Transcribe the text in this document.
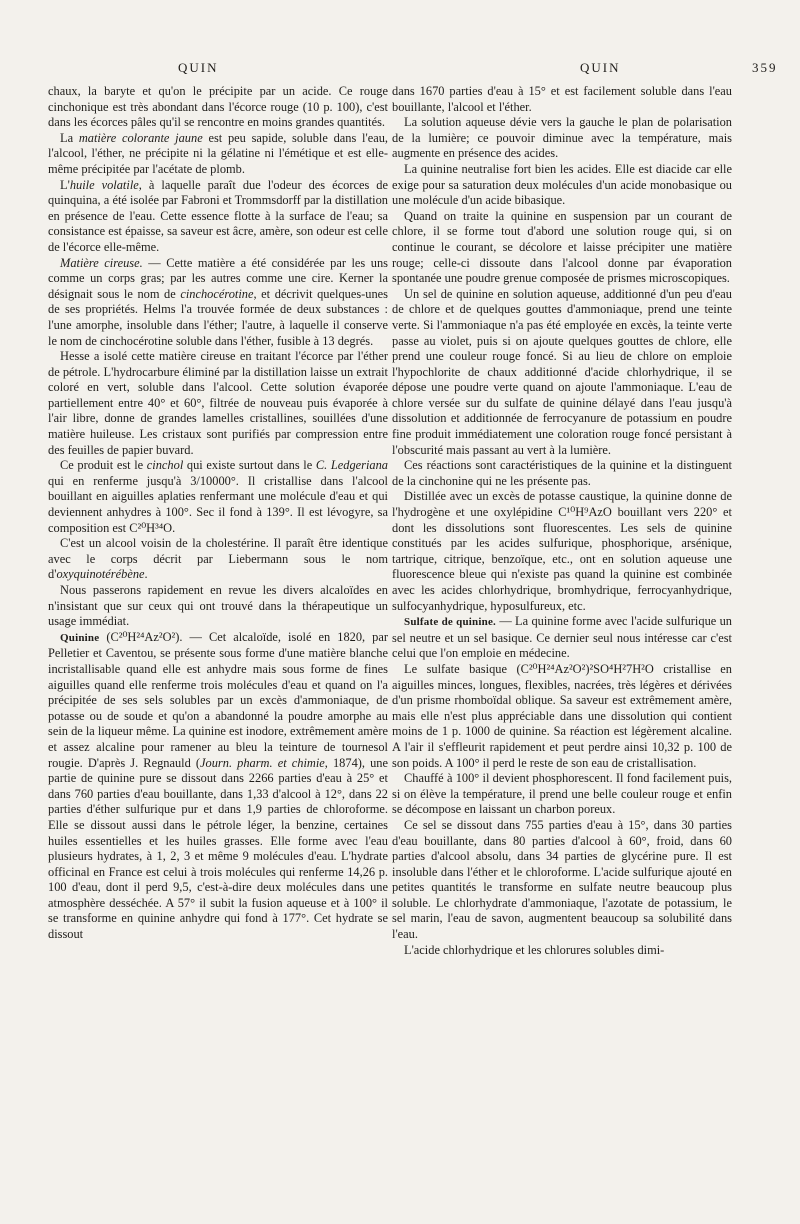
QUIN	QUIN	359

chaux, la baryte et qu'on le précipite par un acide. Ce rouge cinchonique est très abondant dans l'écorce rouge (10 p. 100), c'est dans les écorces pâles qu'il se rencontre en moins grandes quantités.

La matière colorante jaune est peu sapide, soluble dans l'eau, l'alcool, l'éther, ne précipite ni la gélatine ni l'émétique et est elle-même précipitée par l'acétate de plomb.

L'huile volatile, à laquelle paraît due l'odeur des écorces de quinquina, a été isolée par Fabroni et Trommsdorff par la distillation en présence de l'eau. Cette essence flotte à la surface de l'eau; sa consistance est épaisse, sa saveur est âcre, amère, son odeur est celle de l'écorce elle-même.

Matière cireuse. — Cette matière a été considérée par les uns comme un corps gras; par les autres comme une cire. Kerner la désignait sous le nom de cinchocérotine, et décrivit quelques-unes de ses propriétés. Helms l'a trouvée formée de deux substances : l'une amorphe, insoluble dans l'éther; l'autre, à laquelle il conserve le nom de cinchocérotine soluble dans l'éther, fusible à 13 degrés.

Hesse a isolé cette matière cireuse en traitant l'écorce par l'éther de pétrole. L'hydrocarbure éliminé par la distillation laisse un extrait coloré en vert, soluble dans l'alcool. Cette solution évaporée partiellement entre 40° et 60°, filtrée de nouveau puis évaporée à l'air libre, donne de grandes lamelles cristallines, souillées d'une matière huileuse. Les cristaux sont purifiés par compression entre des feuilles de papier buvard.

Ce produit est le cinchol qui existe surtout dans le C. Ledgeriana qui en renferme jusqu'à 3/10000°. Il cristallise dans l'alcool bouillant en aiguilles aplaties renfermant une molécule d'eau et qui deviennent anhydres à 100°. Sec il fond à 139°. Il est lévogyre, sa composition est C²⁰H³⁴O.

C'est un alcool voisin de la cholestérine. Il paraît être identique avec le corps décrit par Liebermann sous le nom d'oxyquinotérébène.

Nous passerons rapidement en revue les divers alcaloïdes en n'insistant que sur ceux qui ont trouvé dans la thérapeutique un usage immédiat.

Quinine (C²⁰H²⁴Az²O²). — Cet alcaloïde, isolé en 1820, par Pelletier et Caventou, se présente sous forme d'une matière blanche incristallisable quand elle est anhydre mais sous forme de fines aiguilles quand elle renferme trois molécules d'eau et quand on l'a précipitée de ses sels solubles par un excès d'ammoniaque, de potasse ou de soude et qu'on a abandonné la poudre amorphe au sein de la liqueur même. La quinine est inodore, extrêmement amère et assez alcaline pour ramener au bleu la teinture de tournesol rougie. D'après J. Regnauld (Journ. pharm. et chimie, 1874), une partie de quinine pure se dissout dans 2266 parties d'eau à 25° et dans 760 parties d'eau bouillante, dans 1,33 d'alcool à 12°, dans 22 parties d'éther sulfurique pur et dans 1,9 parties de chloroforme. Elle se dissout aussi dans le pétrole léger, la benzine, certaines huiles essentielles et les huiles grasses. Elle forme avec l'eau plusieurs hydrates, à 1, 2, 3 et même 9 molécules d'eau. L'hydrate officinal en France est celui à trois molécules qui renferme 14,26 p. 100 d'eau, dont il perd 9,5, c'est-à-dire deux molécules dans une atmosphère desséchée. A 57° il subit la fusion aqueuse et à 100° il se transforme en quinine anhydre qui fond à 177°. Cet hydrate se dissout

dans 1670 parties d'eau à 15° et est facilement soluble dans l'eau bouillante, l'alcool et l'éther.

La solution aqueuse dévie vers la gauche le plan de polarisation de la lumière; ce pouvoir diminue avec la température, mais augmente en présence des acides.

La quinine neutralise fort bien les acides. Elle est diacide car elle exige pour sa saturation deux molécules d'un acide monobasique ou une molécule d'un acide bibasique.

Quand on traite la quinine en suspension par un courant de chlore, il se forme tout d'abord une solution rouge qui, si on continue le courant, se décolore et laisse précipiter une matière rouge; celle-ci dissoute dans l'alcool donne par évaporation spontanée une poudre grenue composée de prismes microscopiques.

Un sel de quinine en solution aqueuse, additionné d'un peu d'eau de chlore et de quelques gouttes d'ammoniaque, prend une teinte verte. Si l'ammoniaque n'a pas été employée en excès, la teinte verte passe au violet, puis si on ajoute quelques gouttes de chlore, elle prend une couleur rouge foncé. Si au lieu de chlore on emploie l'hypochlorite de chaux additionné d'acide chlorhydrique, il se dépose une poudre verte quand on ajoute l'ammoniaque. L'eau de chlore versée sur du sulfate de quinine délayé dans l'eau jusqu'à dissolution et additionnée de ferrocyanure de potassium en poudre fine produit immédiatement une coloration rouge foncé persistant à l'obscurité mais passant au vert à la lumière.

Ces réactions sont caractéristiques de la quinine et la distinguent de la cinchonine qui ne les présente pas.

Distillée avec un excès de potasse caustique, la quinine donne de l'hydrogène et une oxylépidine C¹⁰H⁹AzO bouillant vers 220° et dont les dissolutions sont fluorescentes. Les sels de quinine constitués par les acides sulfurique, phosphorique, arsénique, tartrique, citrique, benzoïque, etc., ont en solution aqueuse une fluorescence bleue qui n'existe pas quand la quinine est combinée avec les acides chlorhydrique, bromhydrique, ferrocyanhydrique, sulfocyanhydrique, hyposulfureux, etc.

Sulfate de quinine. — La quinine forme avec l'acide sulfurique un sel neutre et un sel basique. Ce dernier seul nous intéresse car c'est celui que l'on emploie en médecine.

Le sulfate basique (C²⁰H²⁴Az²O²)²SO⁴H²7H²O cristallise en aiguilles minces, longues, flexibles, nacrées, très légères et dérivées d'un prisme rhomboïdal oblique. Sa saveur est extrêmement amère, mais elle n'est plus appréciable dans une dissolution qui contient moins de 1 p. 1000 de quinine. Sa réaction est légèrement alcaline. A l'air il s'effleurit rapidement et peut perdre ainsi 10,32 p. 100 de son poids. A 100° il perd le reste de son eau de cristallisation.

Chauffé à 100° il devient phosphorescent. Il fond facilement puis, si on élève la température, il prend une belle couleur rouge et enfin se décompose en laissant un charbon poreux.

Ce sel se dissout dans 755 parties d'eau à 15°, dans 30 parties d'eau bouillante, dans 80 parties d'alcool à 60°, froid, dans 60 parties d'alcool absolu, dans 34 parties de glycérine pure. Il est insoluble dans l'éther et le chloroforme. L'acide sulfurique ajouté en petites quantités le transforme en sulfate neutre beaucoup plus soluble. Le chlorhydrate d'ammoniaque, l'azotate de potassium, le sel marin, l'eau de savon, augmentent beaucoup sa solubilité dans l'eau.

L'acide chlorhydrique et les chlorures solubles dimi-
